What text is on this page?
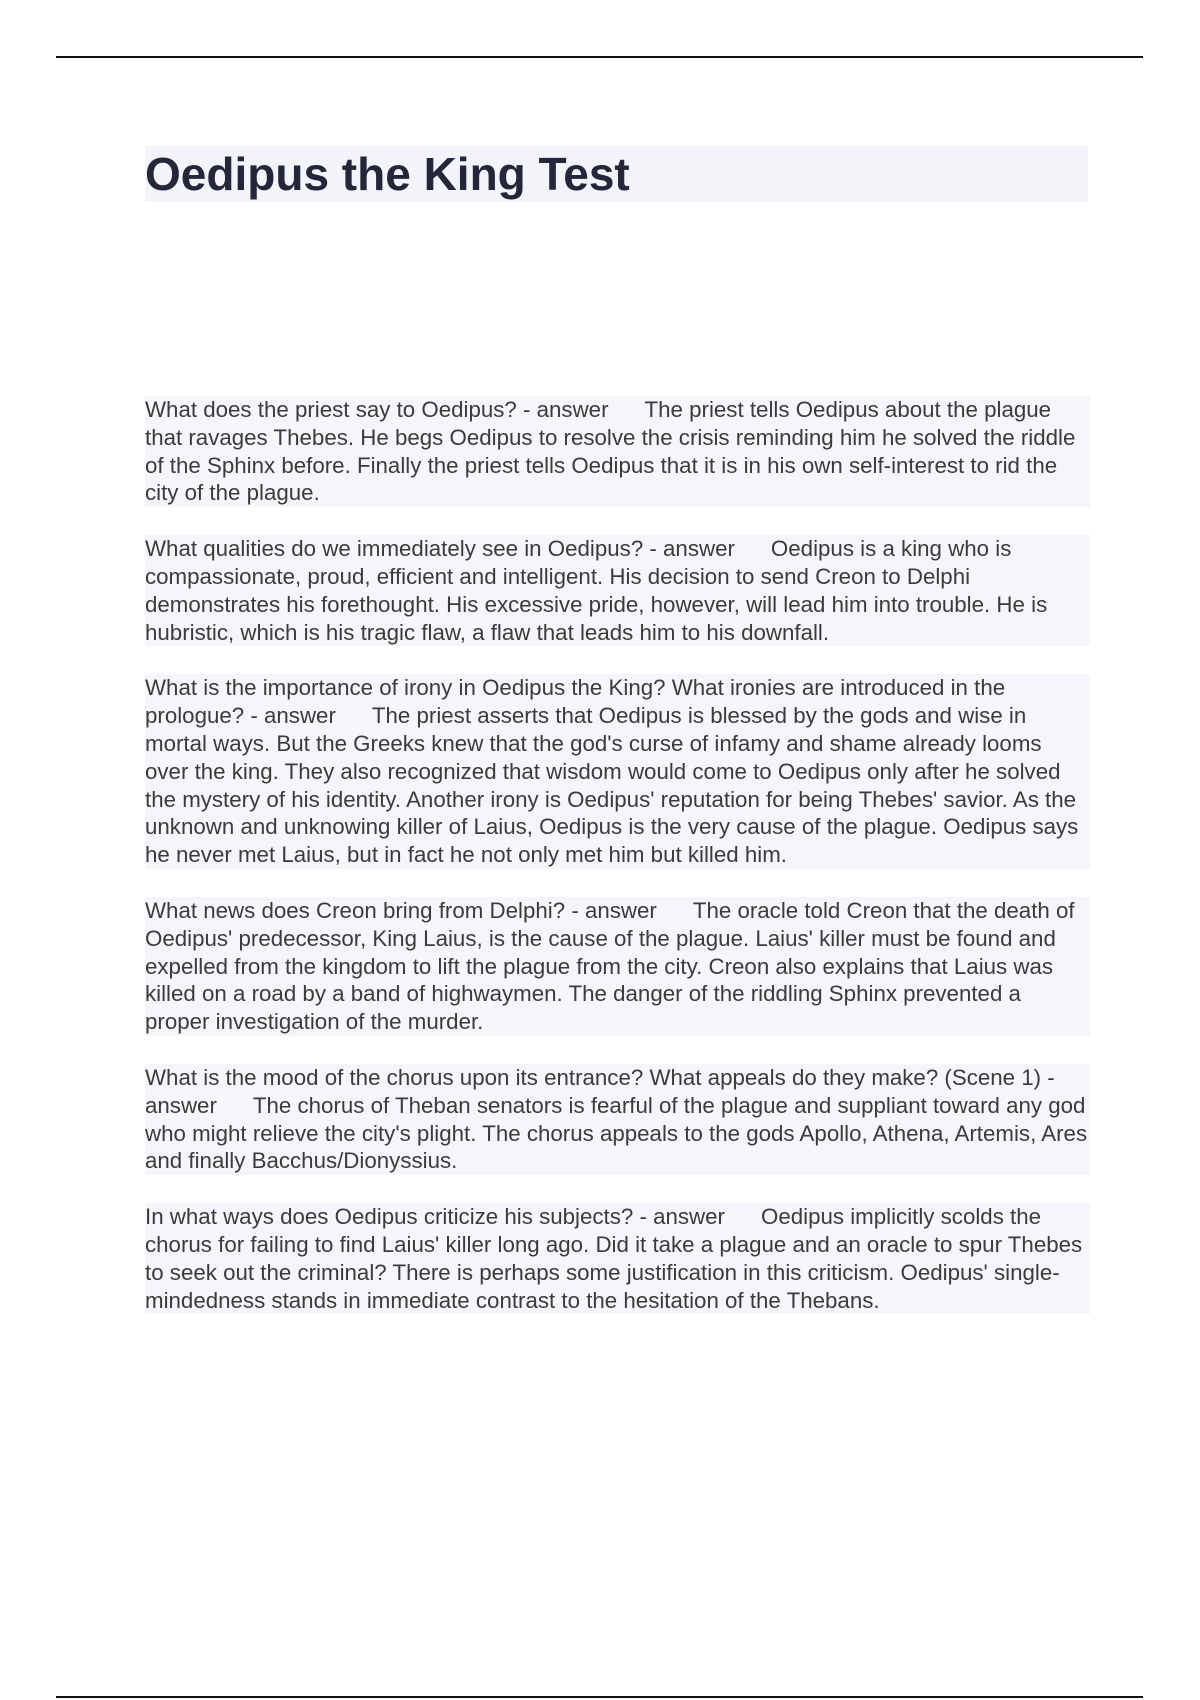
Oedipus the King Test

What does the priest say to Oedipus? - answer The priest tells Oedipus about the plague that ravages Thebes. He begs Oedipus to resolve the crisis reminding him he solved the riddle of the Sphinx before. Finally the priest tells Oedipus that it is in his own self-interest to rid the city of the plague.

What qualities do we immediately see in Oedipus? - answer Oedipus is a king who is compassionate, proud, efficient and intelligent. His decision to send Creon to Delphi demonstrates his forethought. His excessive pride, however, will lead him into trouble. He is hubristic, which is his tragic flaw, a flaw that leads him to his downfall.

What is the importance of irony in Oedipus the King? What ironies are introduced in the prologue? - answer The priest asserts that Oedipus is blessed by the gods and wise in mortal ways. But the Greeks knew that the god's curse of infamy and shame already looms over the king. They also recognized that wisdom would come to Oedipus only after he solved the mystery of his identity. Another irony is Oedipus' reputation for being Thebes' savior. As the unknown and unknowing killer of Laius, Oedipus is the very cause of the plague. Oedipus says he never met Laius, but in fact he not only met him but killed him.

What news does Creon bring from Delphi? - answer The oracle told Creon that the death of Oedipus' predecessor, King Laius, is the cause of the plague. Laius' killer must be found and expelled from the kingdom to lift the plague from the city. Creon also explains that Laius was killed on a road by a band of highwaymen. The danger of the riddling Sphinx prevented a proper investigation of the murder.

What is the mood of the chorus upon its entrance? What appeals do they make? (Scene 1) - answer The chorus of Theban senators is fearful of the plague and suppliant toward any god who might relieve the city's plight. The chorus appeals to the gods Apollo, Athena, Artemis, Ares and finally Bacchus/Dionyssius.

In what ways does Oedipus criticize his subjects? - answer Oedipus implicitly scolds the chorus for failing to find Laius' killer long ago. Did it take a plague and an oracle to spur Thebes to seek out the criminal? There is perhaps some justification in this criticism. Oedipus' single-mindedness stands in immediate contrast to the hesitation of the Thebans.
